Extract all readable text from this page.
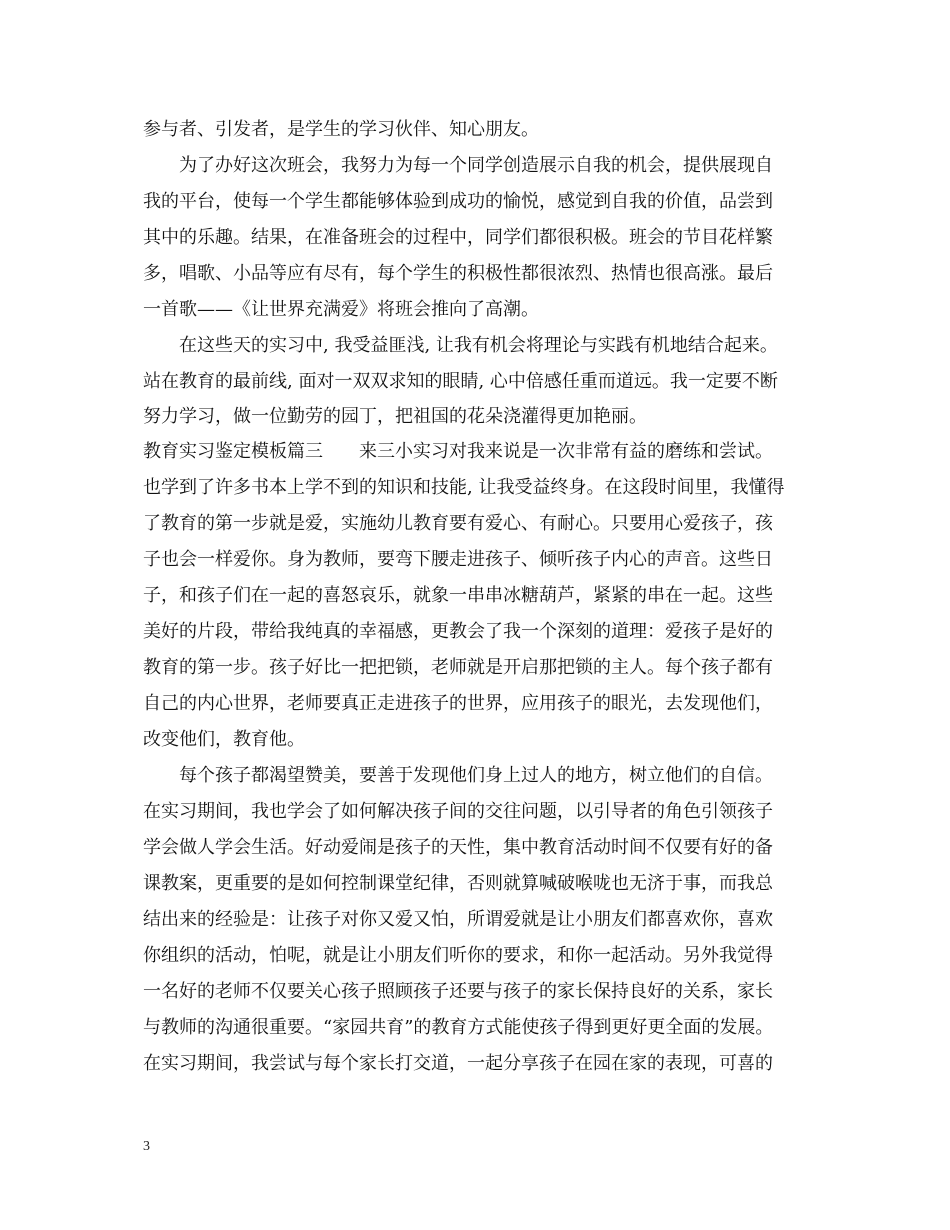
参与者、引发者，是学生的学习伙伴、知心朋友。
　　为了办好这次班会，我努力为每一个同学创造展示自我的机会，提供展现自
我的平台，使每一个学生都能够体验到成功的愉悦，感觉到自我的价值，品尝到
其中的乐趣。结果，在准备班会的过程中，同学们都很积极。班会的节目花样繁
多，唱歌、小品等应有尽有，每个学生的积极性都很浓烈、热情也很高涨。最后
一首歌——《让世界充满爱》将班会推向了高潮。
　　在这些天的实习中, 我受益匪浅, 让我有机会将理论与实践有机地结合起来。
站在教育的最前线, 面对一双双求知的眼睛, 心中倍感任重而道远。我一定要不断
努力学习，做一位勤劳的园丁，把祖国的花朵浇灌得更加艳丽。
教育实习鉴定模板篇三　　来三小实习对我来说是一次非常有益的磨练和尝试。
也学到了许多书本上学不到的知识和技能, 让我受益终身。在这段时间里，我懂得
了教育的第一步就是爱，实施幼儿教育要有爱心、有耐心。只要用心爱孩子，孩
子也会一样爱你。身为教师，要弯下腰走进孩子、倾听孩子内心的声音。这些日
子，和孩子们在一起的喜怒哀乐，就象一串串冰糖葫芦，紧紧的串在一起。这些
美好的片段，带给我纯真的幸福感，更教会了我一个深刻的道理：爱孩子是好的
教育的第一步。孩子好比一把把锁，老师就是开启那把锁的主人。每个孩子都有
自己的内心世界，老师要真正走进孩子的世界，应用孩子的眼光，去发现他们，
改变他们，教育他。
　　每个孩子都渴望赞美，要善于发现他们身上过人的地方，树立他们的自信。
在实习期间，我也学会了如何解决孩子间的交往问题，以引导者的角色引领孩子
学会做人学会生活。好动爱闹是孩子的天性，集中教育活动时间不仅要有好的备
课教案，更重要的是如何控制课堂纪律，否则就算喊破喉咙也无济于事，而我总
结出来的经验是：让孩子对你又爱又怕，所谓爱就是让小朋友们都喜欢你，喜欢
你组织的活动，怕呢，就是让小朋友们听你的要求，和你一起活动。另外我觉得
一名好的老师不仅要关心孩子照顾孩子还要与孩子的家长保持良好的关系，家长
与教师的沟通很重要。“家园共育”的教育方式能使孩子得到更好更全面的发展。
在实习期间，我尝试与每个家长打交道，一起分享孩子在园在家的表现，可喜的
3
